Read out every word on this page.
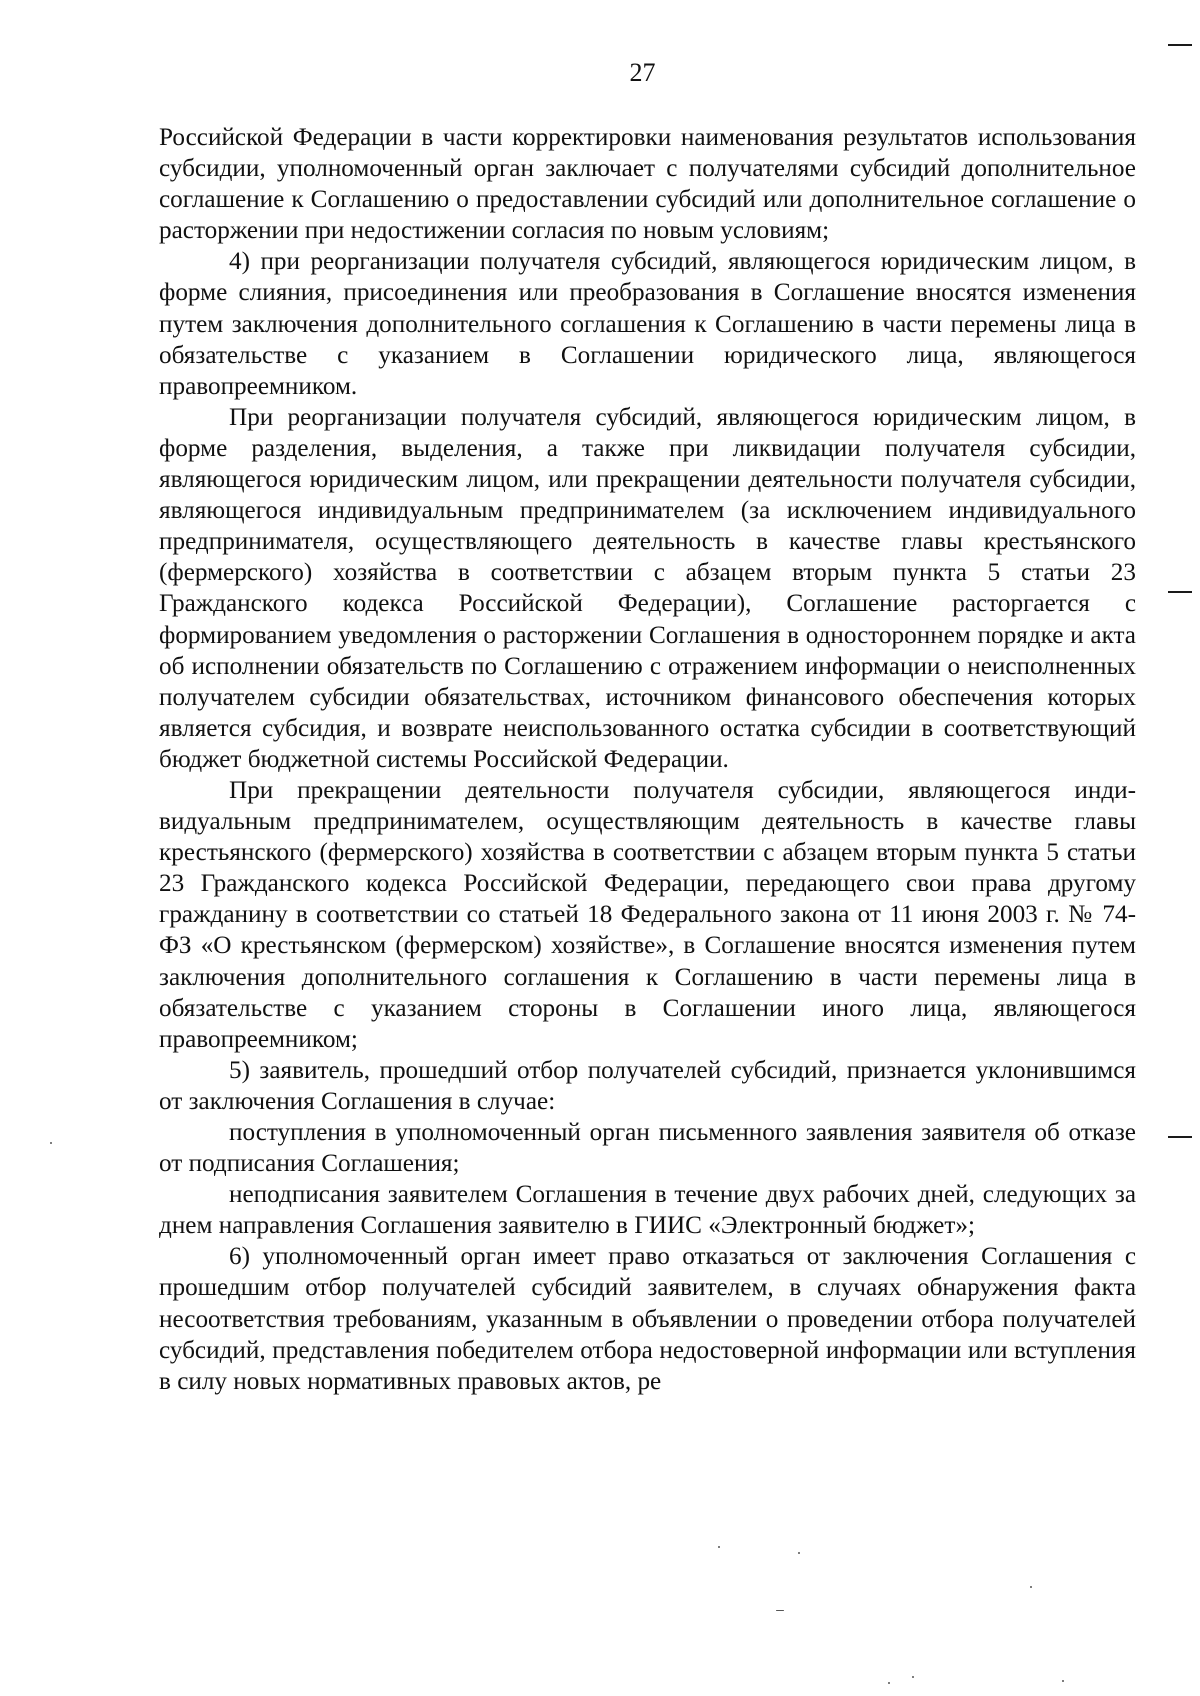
27

Российской Федерации в части корректировки наименования результатов использования субсидии, уполномоченный орган заключает с получателями субсидий дополнительное соглашение к Соглашению о предоставлении субсидий или дополнительное соглашение о расторжении при недостижении согласия по новым условиям;

4) при реорганизации получателя субсидий, являющегося юридическим лицом, в форме слияния, присоединения или преобразования в Соглашение вносятся изменения путем заключения дополнительного соглашения к Соглашению в части перемены лица в обязательстве с указанием в Соглашении юридического лица, являющегося правопреемником.

При реорганизации получателя субсидий, являющегося юридическим лицом, в форме разделения, выделения, а также при ликвидации получателя субсидии, являющегося юридическим лицом, или прекращении деятельности получателя субсидии, являющегося индивидуальным предпринимателем (за исключением индивидуального предпринимателя, осуществляющего деятельность в качестве главы крестьянского (фермерского) хозяйства в соответствии с абзацем вторым пункта 5 статьи 23 Гражданского кодекса Российской Федерации), Соглашение расторгается с формированием уведомления о расторжении Соглашения в одностороннем порядке и акта об исполнении обязательств по Соглашению с отражением информации о неисполненных получателем субсидии обязательствах, источником финансового обеспечения которых является субсидия, и возврате неиспользованного остатка субсидии в соответствующий бюджет бюджетной системы Российской Федерации.

При прекращении деятельности получателя субсидии, являющегося индивидуальным предпринимателем, осуществляющим деятельность в качестве главы крестьянского (фермерского) хозяйства в соответствии с абзацем вторым пункта 5 статьи 23 Гражданского кодекса Российской Федерации, передающего свои права другому гражданину в соответствии со статьей 18 Федерального закона от 11 июня 2003 г. № 74-ФЗ «О крестьянском (фермерском) хозяйстве», в Соглашение вносятся изменения путем заключения дополнительного соглашения к Соглашению в части перемены лица в обязательстве с указанием стороны в Соглашении иного лица, являющегося правопреемником;

5) заявитель, прошедший отбор получателей субсидий, признается уклонившимся от заключения Соглашения в случае:

поступления в уполномоченный орган письменного заявления заявителя об отказе от подписания Соглашения;

неподписания заявителем Соглашения в течение двух рабочих дней, следующих за днем направления Соглашения заявителю в ГИИС «Электронный бюджет»;

6) уполномоченный орган имеет право отказаться от заключения Соглашения с прошедшим отбор получателей субсидий заявителем, в случаях обнаружения факта несоответствия требованиям, указанным в объявлении о проведении отбора получателей субсидий, представления победителем отбора недостоверной информации или вступления в силу новых нормативных правовых актов, ре
